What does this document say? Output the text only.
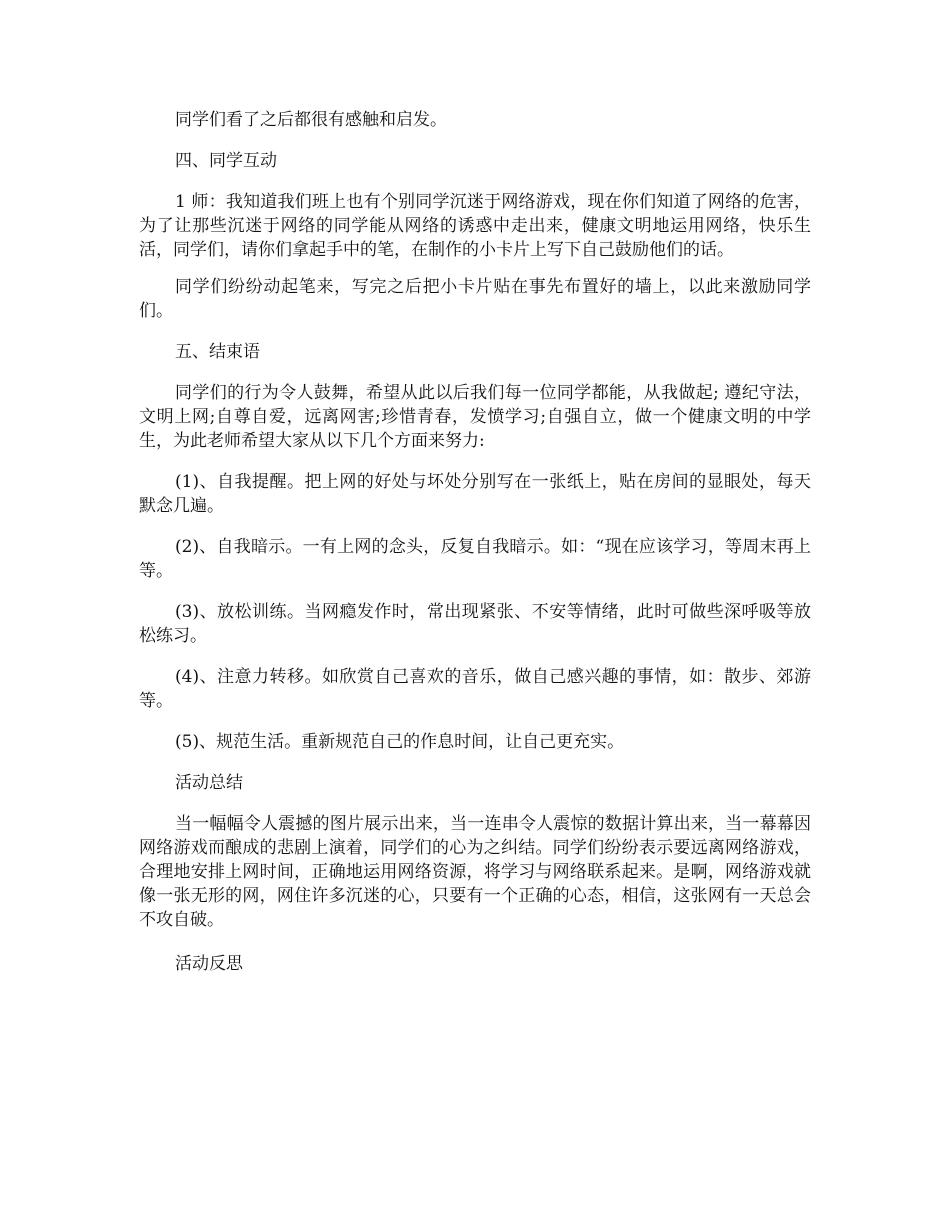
同学们看了之后都很有感触和启发。

四、同学互动

1 师：我知道我们班上也有个别同学沉迷于网络游戏，现在你们知道了网络的危害，为了让那些沉迷于网络的同学能从网络的诱惑中走出来，健康文明地运用网络，快乐生活，同学们，请你们拿起手中的笔，在制作的小卡片上写下自己鼓励他们的话。

同学们纷纷动起笔来，写完之后把小卡片贴在事先布置好的墙上，以此来激励同学们。

五、结束语

同学们的行为令人鼓舞，希望从此以后我们每一位同学都能，从我做起; 遵纪守法，文明上网;自尊自爱，远离网害;珍惜青春，发愤学习;自强自立，做一个健康文明的中学生，为此老师希望大家从以下几个方面来努力:

(1)、自我提醒。把上网的好处与坏处分别写在一张纸上，贴在房间的显眼处，每天默念几遍。

(2)、自我暗示。一有上网的念头，反复自我暗示。如：“现在应该学习，等周末再上等。

(3)、放松训练。当网瘾发作时，常出现紧张、不安等情绪，此时可做些深呼吸等放松练习。

(4)、注意力转移。如欣赏自己喜欢的音乐，做自己感兴趣的事情，如：散步、郊游等。

(5)、规范生活。重新规范自己的作息时间，让自己更充实。

活动总结

当一幅幅令人震撼的图片展示出来，当一连串令人震惊的数据计算出来，当一幕幕因网络游戏而酿成的悲剧上演着，同学们的心为之纠结。同学们纷纷表示要远离网络游戏，合理地安排上网时间，正确地运用网络资源，将学习与网络联系起来。是啊，网络游戏就像一张无形的网，网住许多沉迷的心，只要有一个正确的心态，相信，这张网有一天总会不攻自破。

活动反思
